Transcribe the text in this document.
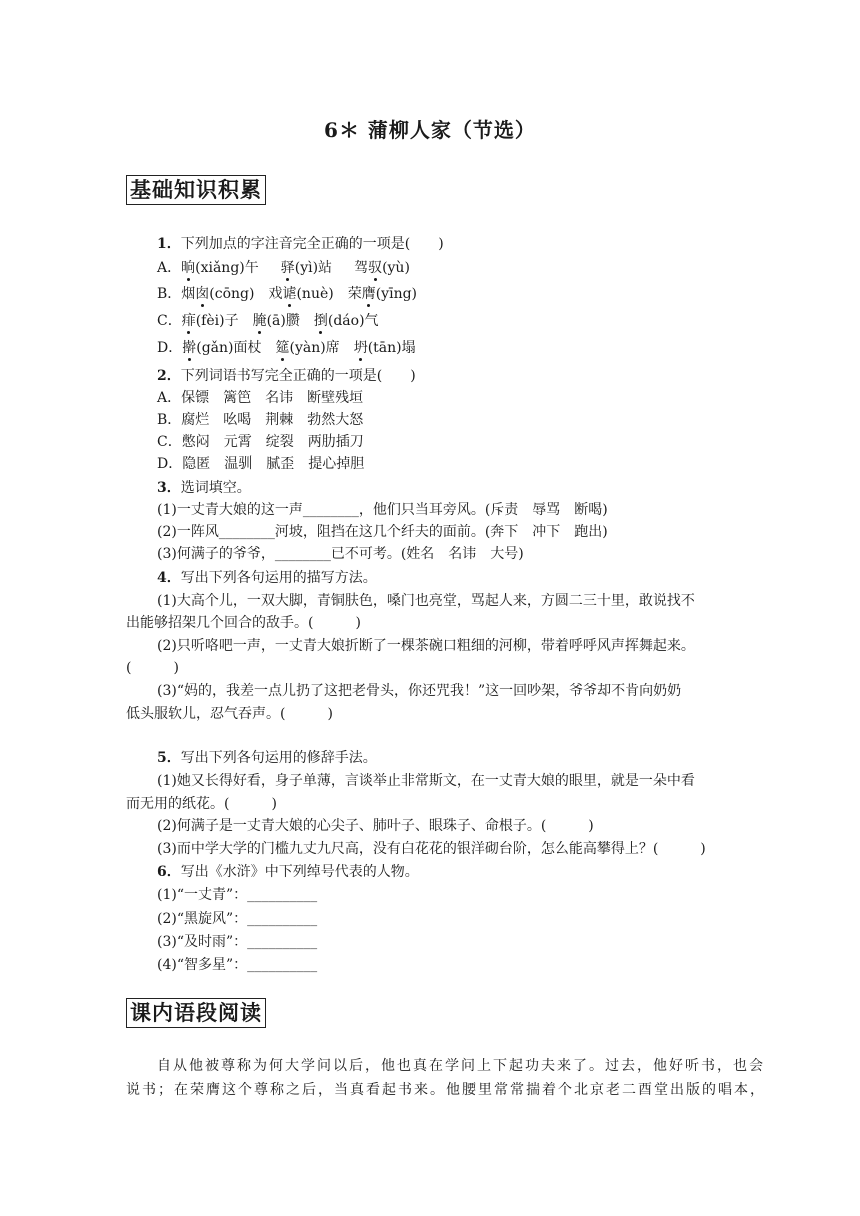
6＊ 蒲柳人家（节选）
基础知识积累
1．下列加点的字注音完全正确的一项是(　　)
A．晌(xiǎng)午 驿(yì)站 驾驭(yù)
B．烟囱(cōng) 戏谑(nuè) 荣膺(yīng)
C．痱(fèi)子 腌(ā)臜 捯(dáo)气
D．擀(gǎn)面杖 筵(yàn)席 坍(tān)塌
2．下列词语书写完全正确的一项是(　　)
A．保镖　篱笆　名讳　断壁残垣
B．腐烂　吆喝　荆棘　勃然大怒
C．憋闷　元霄　绽裂　两肋插刀
D．隐匿　温驯　腻歪　提心掉胆
3．选词填空。
(1)一丈青大娘的这一声________，他们只当耳旁风。(斥责　辱骂　断喝)
(2)一阵风________河坡，阻挡在这几个纤夫的面前。(奔下　冲下　跑出)
(3)何满子的爷爷，________已不可考。(姓名　名讳　大号)
4．写出下列各句运用的描写方法。
(1)大高个儿，一双大脚，青铜肤色，嗓门也亮堂，骂起人来，方圆二三十里，敢说找不
出能够招架几个回合的敌手。(　　　)
(2)只听咯吧一声，一丈青大娘折断了一棵茶碗口粗细的河柳，带着呼呼风声挥舞起来。
(　　　)
(3)“妈的，我差一点儿扔了这把老骨头，你还咒我！”这一回吵架，爷爷却不肯向奶奶
低头服软儿，忍气吞声。(　　　)
5．写出下列各句运用的修辞手法。
(1)她又长得好看，身子单薄，言谈举止非常斯文，在一丈青大娘的眼里，就是一朵中看
而无用的纸花。(　　　)
(2)何满子是一丈青大娘的心尖子、肺叶子、眼珠子、命根子。(　　　)
(3)而中学大学的门槛九丈九尺高，没有白花花的银洋砌台阶，怎么能高攀得上？(　　　)
6．写出《水浒》中下列绰号代表的人物。
(1)“一丈青”：__________
(2)“黑旋风”：__________
(3)“及时雨”：__________
(4)“智多星”：__________
课内语段阅读
自从他被尊称为何大学问以后，他也真在学问上下起功夫来了。过去，他好听书，也会
说书；在荣膺这个尊称之后，当真看起书来。他腰里常常揣着个北京老二酉堂出版的唱本，
